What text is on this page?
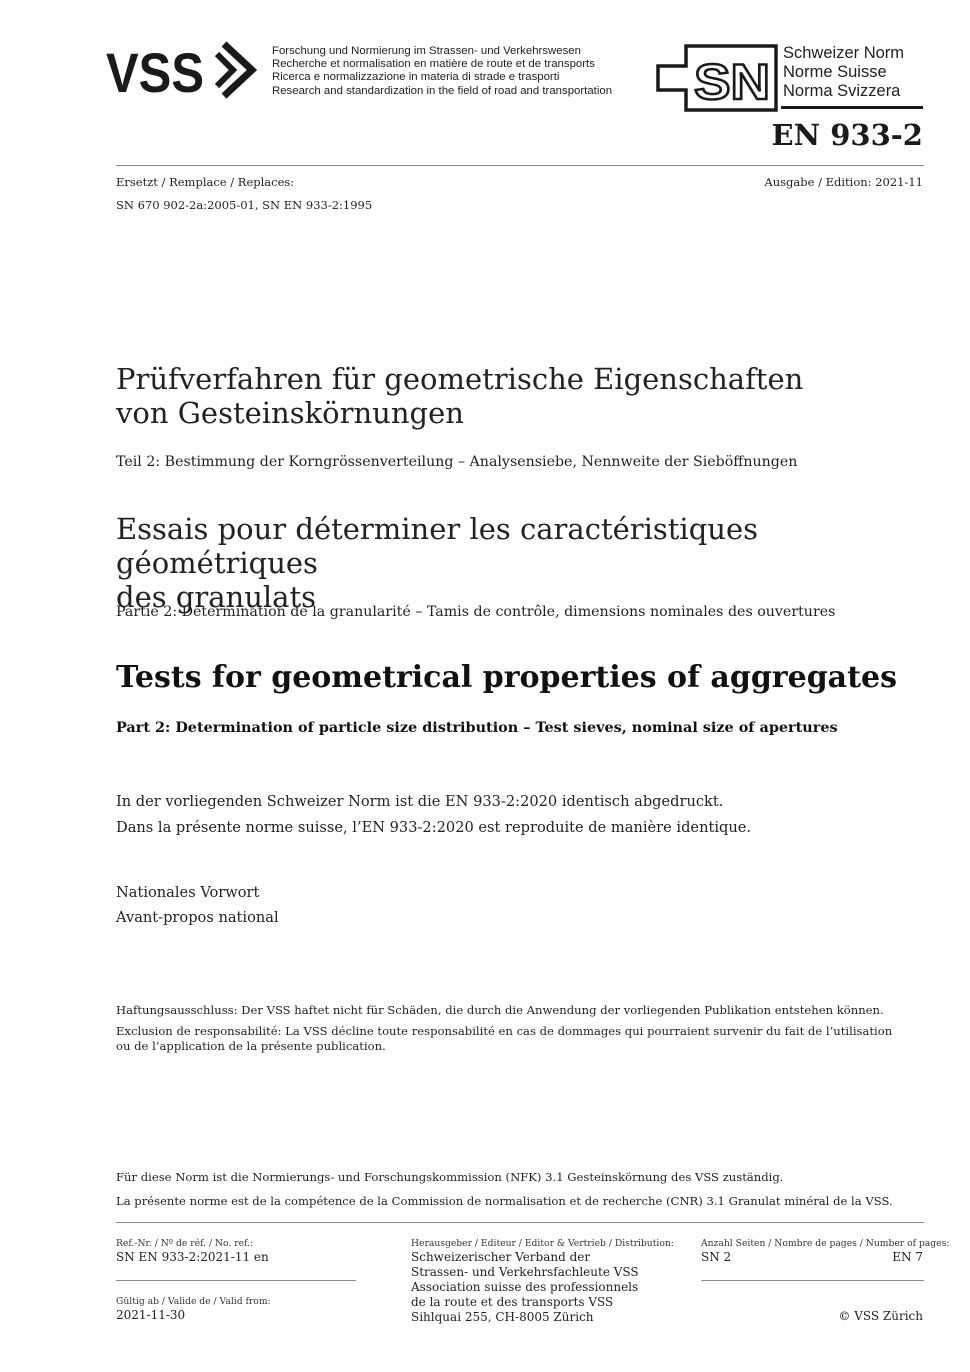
VSS	Forschung und Normierung im Strassen- und Verkehrswesen
Recherche et normalisation en matière de route et de transports
Ricerca e normalizzazione in materia di strade e trasporti
Research and standardization in the field of road and transportation	SN
Schweizer Norm
Norme Suisse
Norma Svizzera
EN 933-2
Ersetzt / Remplace / Replaces:	Ausgabe / Edition: 2021-11
SN 670 902-2a:2005-01, SN EN 933-2:1995
Prüfverfahren für geometrische Eigenschaften
von Gesteinskörnungen
Teil 2: Bestimmung der Korngrössenverteilung – Analysensiebe, Nennweite der Sieböffnungen
Essais pour déterminer les caractéristiques géométriques
des granulats
Partie 2: Détermination de la granularité – Tamis de contrôle, dimensions nominales des ouvertures
Tests for geometrical properties of aggregates
Part 2: Determination of particle size distribution – Test sieves, nominal size of apertures
In der vorliegenden Schweizer Norm ist die EN 933-2:2020 identisch abgedruckt.
Dans la présente norme suisse, l’EN 933-2:2020 est reproduite de manière identique.
Nationales Vorwort
Avant-propos national
Haftungsausschluss: Der VSS haftet nicht für Schäden, die durch die Anwendung der vorliegenden Publikation entstehen können.
Exclusion de responsabilité: La VSS décline toute responsabilité en cas de dommages qui pourraient survenir du fait de l’utilisation
ou de l’application de la présente publication.
Für diese Norm ist die Normierungs- und Forschungskommission (NFK) 3.1 Gesteinskörnung des VSS zuständig.
La présente norme est de la compétence de la Commission de normalisation et de recherche (CNR) 3.1 Granulat minéral de la VSS.
Ref.-Nr. / Nº de réf. / No. ref.:
SN EN 933-2:2021-11 en
Gültig ab / Valide de / Valid from:
2021-11-30
Herausgeber / Editeur / Editor & Vertrieb / Distribution:
Schweizerischer Verband der
Strassen- und Verkehrsfachleute VSS
Association suisse des professionnels
de la route et des transports VSS
Sihlquai 255, CH-8005 Zürich
Anzahl Seiten / Nombre de pages / Number of pages:
SN 2	EN 7
© VSS Zürich
